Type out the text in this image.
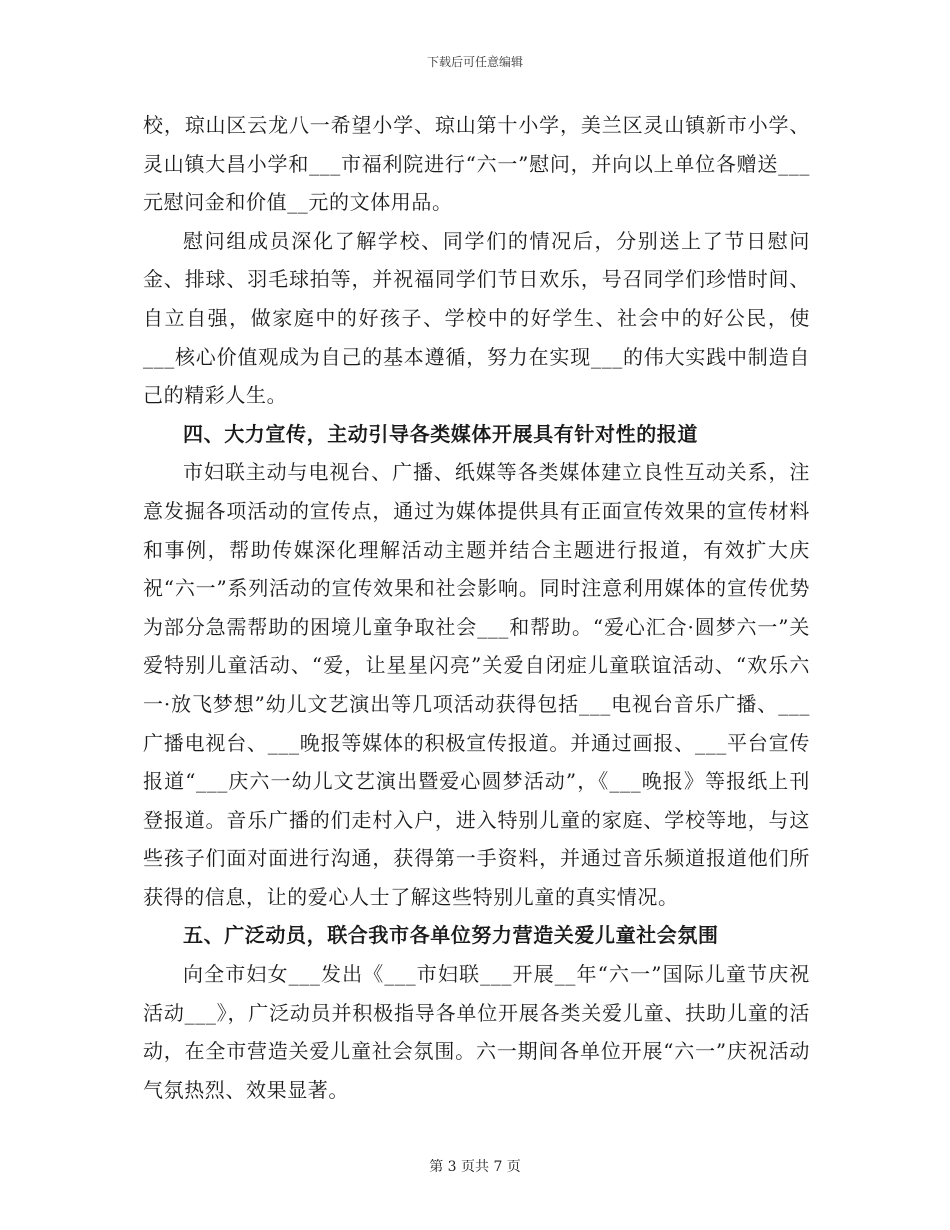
下载后可任意编辑

校，琼山区云龙八一希望小学、琼山第十小学，美兰区灵山镇新市小学、灵山镇大昌小学和___市福利院进行“六一”慰问，并向以上单位各赠送___元慰问金和价值__元的文体用品。

慰问组成员深化了解学校、同学们的情况后，分别送上了节日慰问金、排球、羽毛球拍等，并祝福同学们节日欢乐，号召同学们珍惜时间、自立自强，做家庭中的好孩子、学校中的好学生、社会中的好公民，使___核心价值观成为自己的基本遵循，努力在实现___的伟大实践中制造自己的精彩人生。

四、大力宣传，主动引导各类媒体开展具有针对性的报道

市妇联主动与电视台、广播、纸媒等各类媒体建立良性互动关系，注意发掘各项活动的宣传点，通过为媒体提供具有正面宣传效果的宣传材料和事例，帮助传媒深化理解活动主题并结合主题进行报道，有效扩大庆祝“六一”系列活动的宣传效果和社会影响。同时注意利用媒体的宣传优势为部分急需帮助的困境儿童争取社会___和帮助。“爱心汇合·圆梦六一”关爱特别儿童活动、“爱，让星星闪亮”关爱自闭症儿童联谊活动、“欢乐六一·放飞梦想”幼儿文艺演出等几项活动获得包括___电视台音乐广播、___广播电视台、___晚报等媒体的积极宣传报道。并通过画报、___平台宣传报道“___庆六一幼儿文艺演出暨爱心圆梦活动”，《___晚报》等报纸上刊登报道。音乐广播的们走村入户，进入特别儿童的家庭、学校等地，与这些孩子们面对面进行沟通，获得第一手资料，并通过音乐频道报道他们所获得的信息，让的爱心人士了解这些特别儿童的真实情况。

五、广泛动员，联合我市各单位努力营造关爱儿童社会氛围

向全市妇女___发出《___市妇联___开展__年“六一”国际儿童节庆祝活动___》，广泛动员并积极指导各单位开展各类关爱儿童、扶助儿童的活动，在全市营造关爱儿童社会氛围。六一期间各单位开展“六一”庆祝活动气氛热烈、效果显著。

第 3 页共 7 页
